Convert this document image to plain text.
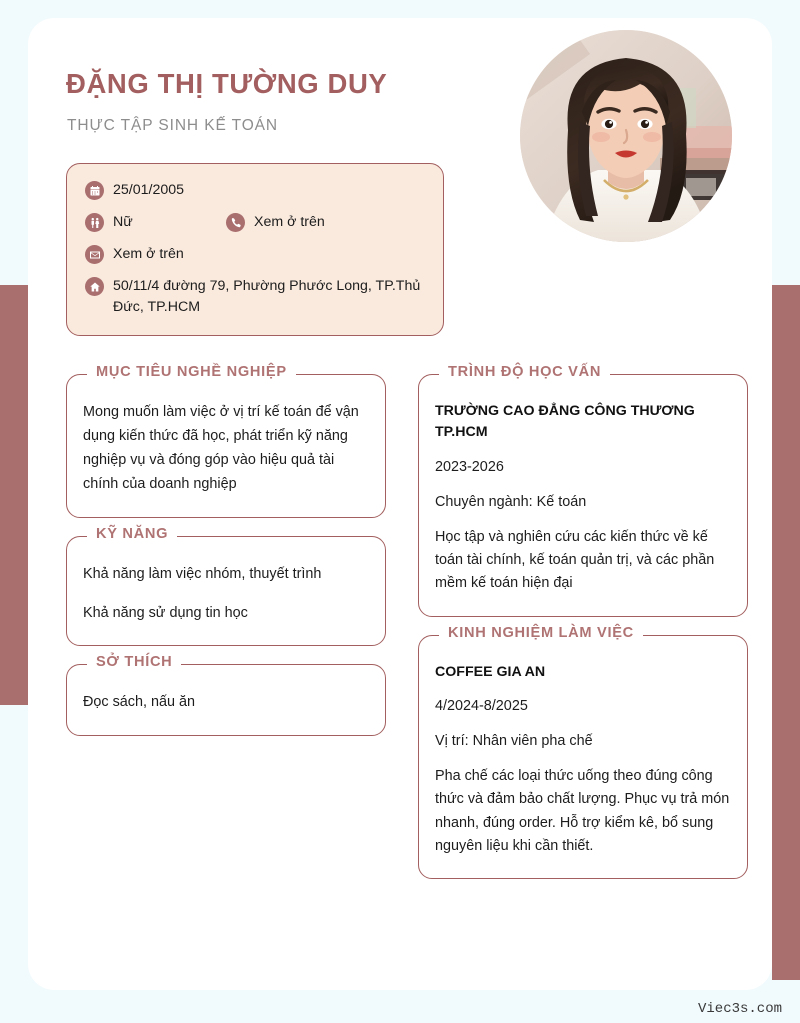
ĐẶNG THỊ TƯỜNG DUY
THỰC TẬP SINH KẾ TOÁN
25/01/2005
Nữ	Xem ở trên
Xem ở trên
50/11/4 đường 79, Phường Phước Long, TP.Thủ Đức, TP.HCM
MỤC TIÊU NGHỀ NGHIỆP
Mong muốn làm việc ở vị trí kế toán để vận dụng kiến thức đã học, phát triển kỹ năng nghiệp vụ và đóng góp vào hiệu quả tài chính của doanh nghiệp
KỸ NĂNG
Khả năng làm việc nhóm, thuyết trình
Khả năng sử dụng tin học
SỞ THÍCH
Đọc sách, nấu ăn
TRÌNH ĐỘ HỌC VẤN
TRƯỜNG CAO ĐẲNG CÔNG THƯƠNG TP.HCM
2023-2026
Chuyên ngành: Kế toán
Học tập và nghiên cứu các kiến thức về kế toán tài chính, kế toán quản trị, và các phần mềm kế toán hiện đại
KINH NGHIỆM LÀM VIỆC
COFFEE GIA AN
4/2024-8/2025
Vị trí: Nhân viên pha chế
Pha chế các loại thức uống theo đúng công thức và đảm bảo chất lượng. Phục vụ trả món nhanh, đúng order. Hỗ trợ kiểm kê, bổ sung nguyên liệu khi cần thiết.
Viec3s.com
